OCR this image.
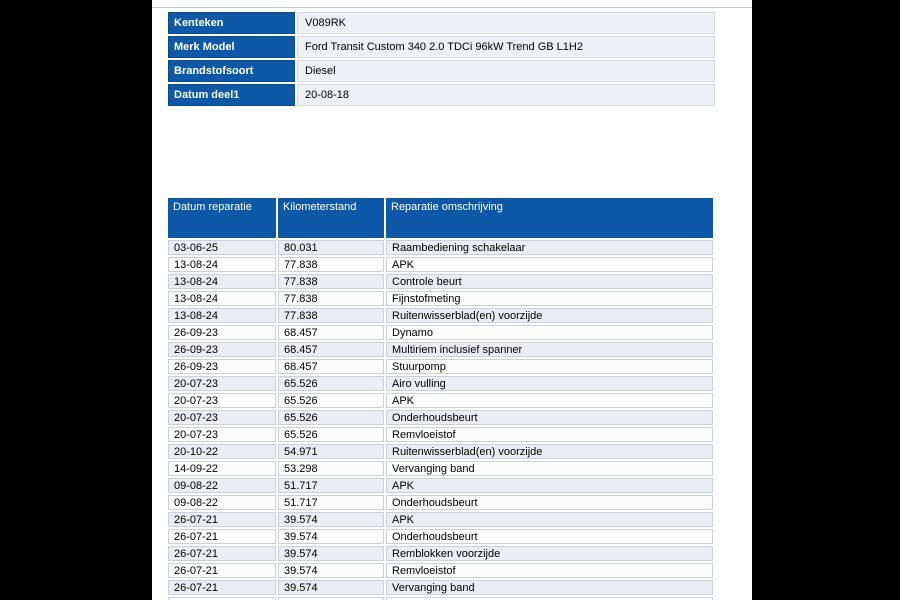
Kenteken	V089RK
Merk Model	Ford Transit Custom 340 2.0 TDCi 96kW Trend GB L1H2
Brandstofsoort	Diesel
Datum deel1	20-08-18
Datum reparatie	Kilometerstand	Reparatie omschrijving
03-06-25	80.031	Raambediening schakelaar
13-08-24	77.838	APK
13-08-24	77.838	Controle beurt
13-08-24	77.838	Fijnstofmeting
13-08-24	77.838	Ruitenwisserblad(en) voorzijde
26-09-23	68.457	Dynamo
26-09-23	68.457	Multiriem inclusief spanner
26-09-23	68.457	Stuurpomp
20-07-23	65.526	Airo vulling
20-07-23	65.526	APK
20-07-23	65.526	Onderhoudsbeurt
20-07-23	65.526	Remvloeistof
20-10-22	54.971	Ruitenwisserblad(en) voorzijde
14-09-22	53.298	Vervanging band
09-08-22	51.717	APK
09-08-22	51.717	Onderhoudsbeurt
26-07-21	39.574	APK
26-07-21	39.574	Onderhoudsbeurt
26-07-21	39.574	Remblokken voorzijde
26-07-21	39.574	Remvloeistof
26-07-21	39.574	Vervanging band
